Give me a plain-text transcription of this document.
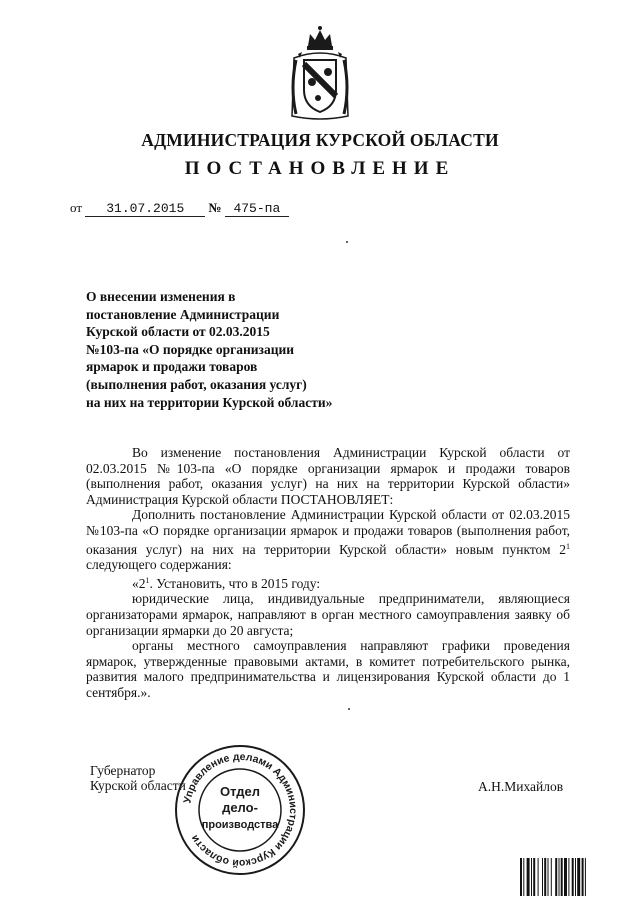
АДМИНИСТРАЦИЯ КУРСКОЙ ОБЛАСТИ
ПОСТАНОВЛЕНИЕ
от 31.07.2015 № 475-па
О внесении изменения в
постановление Администрации
Курской области от 02.03.2015
№103-па «О порядке организации
ярмарок и продажи товаров
(выполнения работ, оказания услуг)
на них на территории Курской области»

Во изменение постановления Администрации Курской области от 02.03.2015 №103-па «О порядке организации ярмарок и продажи товаров (выполнения работ, оказания услуг) на них на территории Курской области» Администрация Курской области ПОСТАНОВЛЯЕТ:

Дополнить постановление Администрации Курской области от 02.03.2015 №103-па «О порядке организации ярмарок и продажи товаров (выполнения работ, оказания услуг) на них на территории Курской области» новым пунктом $2^1$ следующего содержания:

«$2^1$. Установить, что в 2015 году:

юридические лица, индивидуальные предприниматели, являющиеся организаторами ярмарок, направляют в орган местного самоуправления заявку об организации ярмарки до 20 августа;

органы местного самоуправления направляют графики проведения ярмарок, утвержденные правовыми актами, в комитет потребительского рынка, развития малого предпринимательства и лицензирования Курской области до 1 сентября.».

Губернатор
Курской области	А.Н.Михайлов
Управление делами Администрации Курской области
Отдел
дело-
производства
